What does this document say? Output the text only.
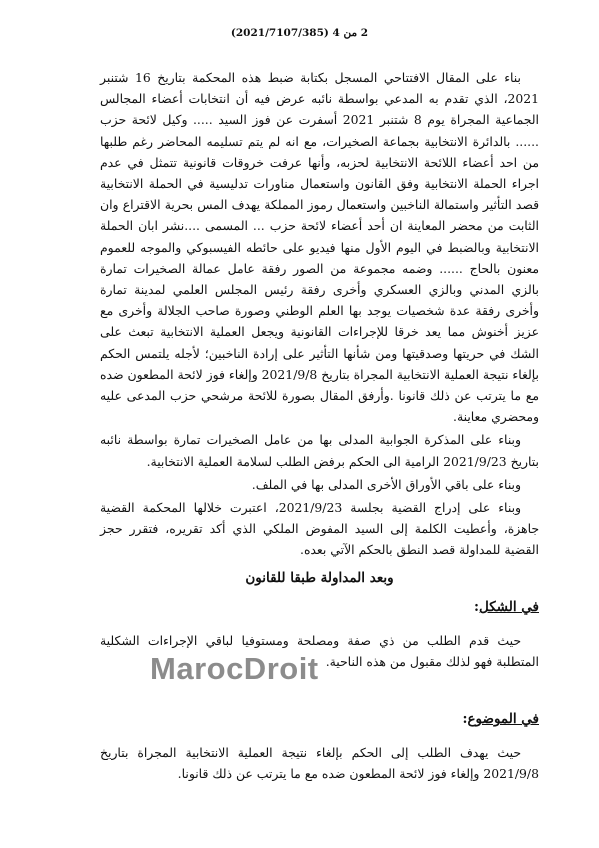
2 من 4 (2021/7107/385)

بناء على المقال الافتتاحي المسجل بكتابة ضبط هذه المحكمة بتاريخ 16 شتنبر 2021، الذي تقدم به المدعي بواسطة نائبه عرض فيه أن انتخابات أعضاء المجالس الجماعية المجراة يوم 8 شتنبر 2021 أسفرت عن فوز السيد ..... وكيل لائحة حزب ...... بالدائرة الانتخابية بجماعة الصخيرات، مع انه لم يتم تسليمه المحاضر رغم طلبها من احد أعضاء اللائحة الانتخابية لحزبه، وأنها عرفت خروقات قانونية تتمثل في عدم اجراء الحملة الانتخابية وفق القانون واستعمال مناورات تدليسية في الحملة الانتخابية قصد التأثير واستمالة الناخبين واستعمال رموز المملكة يهدف المس بحرية الاقتراع وان الثابت من محضر المعاينة ان أحد أعضاء لائحة حزب ... المسمى ....نشر ابان الحملة الانتخابية وبالضبط في اليوم الأول منها فيديو على حائطه الفيسبوكي والموجه للعموم معنون بالحاج ...... وضمه مجموعة من الصور رفقة عامل عمالة الصخيرات تمارة بالزي المدني وبالزي العسكري وأخرى رفقة رئيس المجلس العلمي لمدينة تمارة وأخرى رفقة عدة شخصيات يوجد بها العلم الوطني وصورة صاحب الجلالة وأخرى مع عزيز أخنوش مما يعد خرقا للإجراءات القانونية ويجعل العملية الانتخابية تبعث على الشك في حريتها وصدقيتها ومن شأنها التأثير على إرادة الناخبين؛ لأجله يلتمس الحكم بإلغاء نتيجة العملية الانتخابية المجراة بتاريخ 2021/9/8 وإلغاء فوز لائحة المطعون ضده مع ما يترتب عن ذلك قانونا .وأرفق المقال بصورة للائحة مرشحي حزب المدعى عليه ومحضري معاينة.

وبناء على المذكرة الجوابية المدلى بها من عامل الصخيرات تمارة بواسطة نائبه بتاريخ 2021/9/23 الرامية الى الحكم برفض الطلب لسلامة العملية الانتخابية.

وبناء على باقي الأوراق الأخرى المدلى بها في الملف.

وبناء على إدراج القضية بجلسة 2021/9/23، اعتبرت خلالها المحكمة القضية جاهزة، وأعطيت الكلمة إلى السيد المفوض الملكي الذي أكد تقريره، فتقرر حجز القضية للمداولة قصد النطق بالحكم الآتي بعده.

وبعد المداولة طبقا للقانون
في الشكل:

حيث قدم الطلب من ذي صفة ومصلحة ومستوفيا لباقي الإجراءات الشكلية المتطلبة فهو لذلك مقبول من هذه الناحية.

MarocDroit
في الموضوع:

حيث يهدف الطلب إلى الحكم بإلغاء نتيجة العملية الانتخابية المجراة بتاريخ 2021/9/8 وإلغاء فوز لائحة المطعون ضده مع ما يترتب عن ذلك قانونا.
